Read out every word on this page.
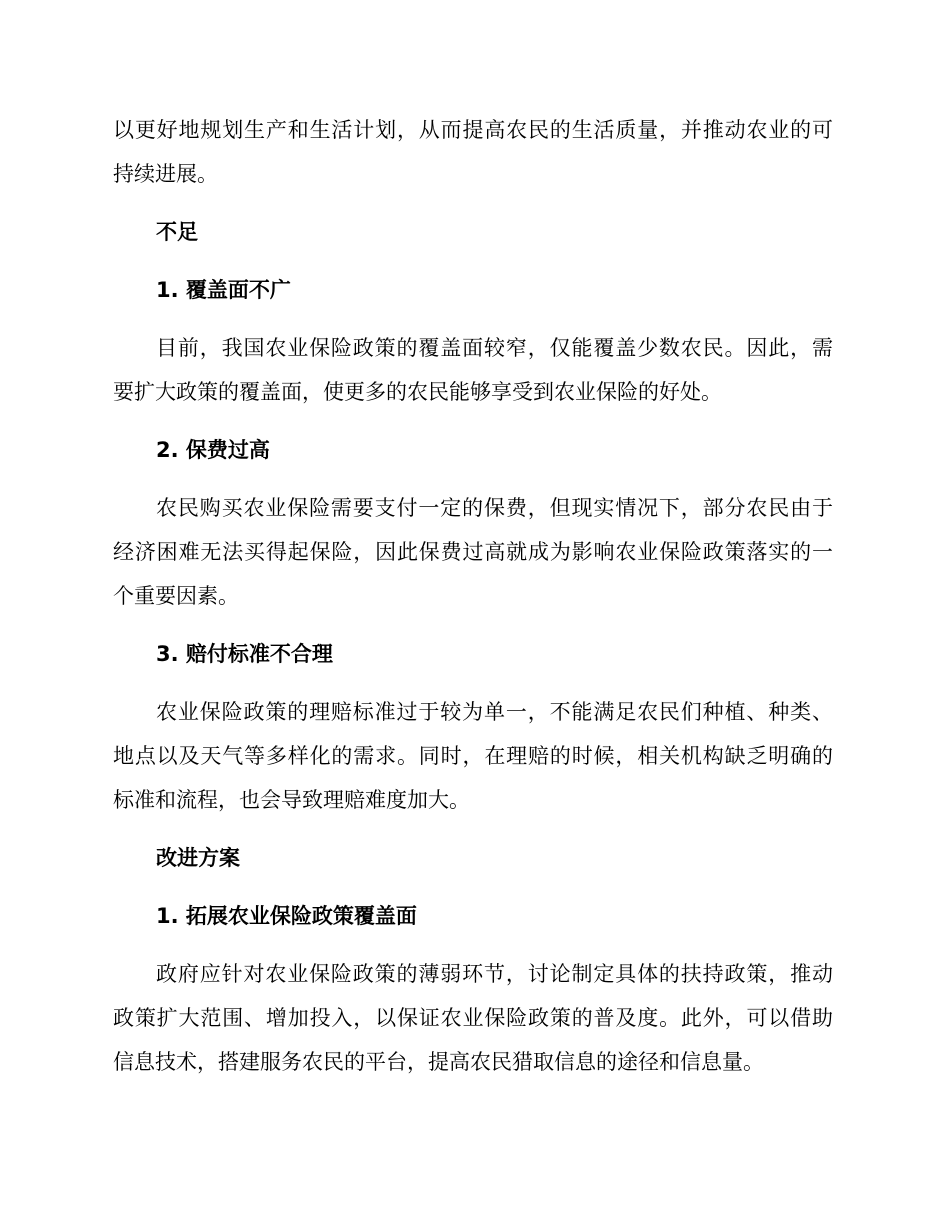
以更好地规划生产和生活计划，从而提高农民的生活质量，并推动农业的可
持续进展。
不足
1. 覆盖面不广
目前，我国农业保险政策的覆盖面较窄，仅能覆盖少数农民。因此，需
要扩大政策的覆盖面，使更多的农民能够享受到农业保险的好处。
2. 保费过高
农民购买农业保险需要支付一定的保费，但现实情况下，部分农民由于
经济困难无法买得起保险，因此保费过高就成为影响农业保险政策落实的一
个重要因素。
3. 赔付标准不合理
农业保险政策的理赔标准过于较为单一，不能满足农民们种植、种类、
地点以及天气等多样化的需求。同时，在理赔的时候，相关机构缺乏明确的
标准和流程，也会导致理赔难度加大。
改进方案
1. 拓展农业保险政策覆盖面
政府应针对农业保险政策的薄弱环节，讨论制定具体的扶持政策，推动
政策扩大范围、增加投入，以保证农业保险政策的普及度。此外，可以借助
信息技术，搭建服务农民的平台，提高农民猎取信息的途径和信息量。
